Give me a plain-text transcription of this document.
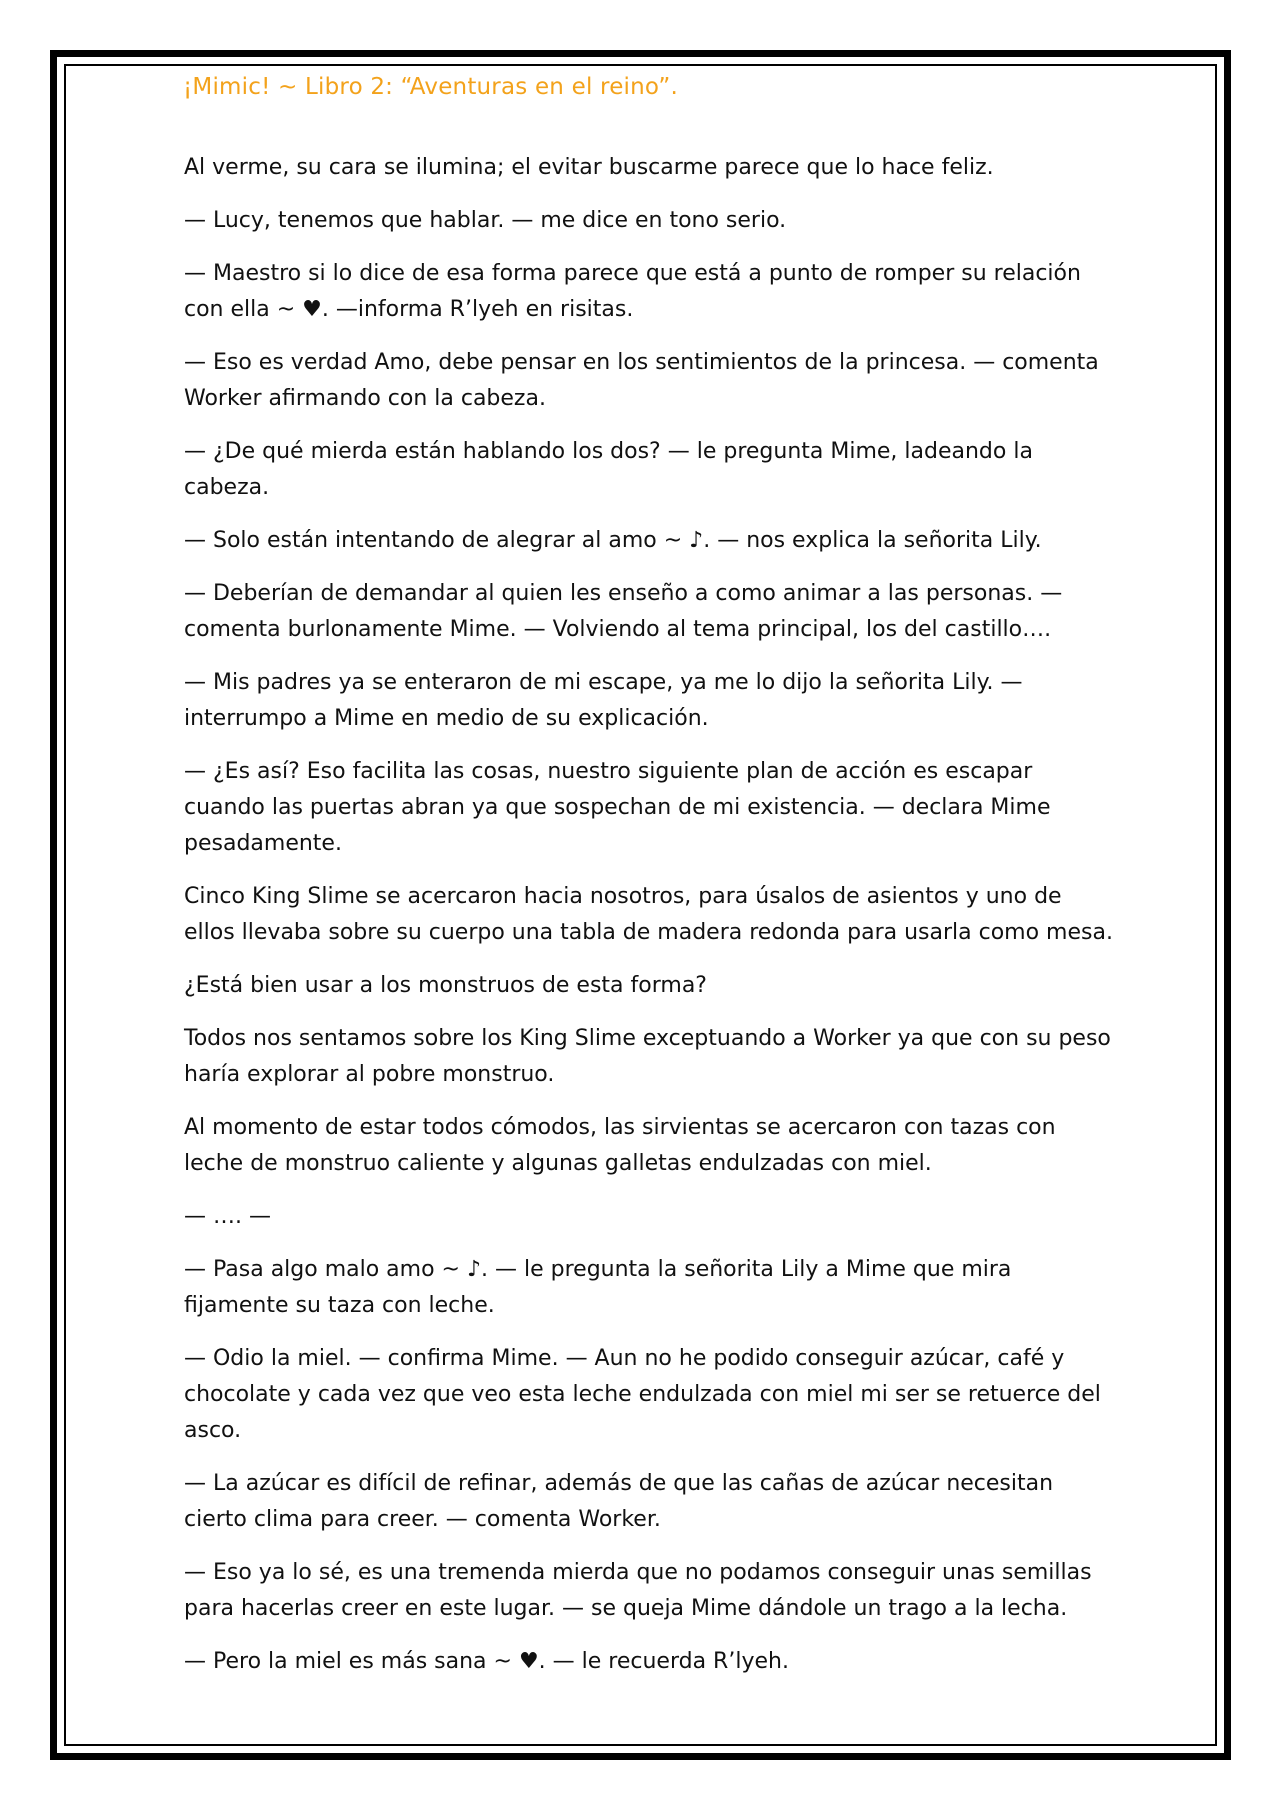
¡Mimic! ~ Libro 2: “Aventuras en el reino”.

Al verme, su cara se ilumina; el evitar buscarme parece que lo hace feliz.

— Lucy, tenemos que hablar. — me dice en tono serio.

— Maestro si lo dice de esa forma parece que está a punto de romper su relación con ella ~ ♥. —informa R’lyeh en risitas.

— Eso es verdad Amo, debe pensar en los sentimientos de la princesa. — comenta Worker afirmando con la cabeza.

— ¿De qué mierda están hablando los dos? — le pregunta Mime, ladeando la cabeza.

— Solo están intentando de alegrar al amo ~ ♪. — nos explica la señorita Lily.

— Deberían de demandar al quien les enseño a como animar a las personas. — comenta burlonamente Mime. — Volviendo al tema principal, los del castillo….

— Mis padres ya se enteraron de mi escape, ya me lo dijo la señorita Lily. — interrumpo a Mime en medio de su explicación.

— ¿Es así? Eso facilita las cosas, nuestro siguiente plan de acción es escapar cuando las puertas abran ya que sospechan de mi existencia. — declara Mime pesadamente.

Cinco King Slime se acercaron hacia nosotros, para úsalos de asientos y uno de ellos llevaba sobre su cuerpo una tabla de madera redonda para usarla como mesa.

¿Está bien usar a los monstruos de esta forma?

Todos nos sentamos sobre los King Slime exceptuando a Worker ya que con su peso haría explorar al pobre monstruo.

Al momento de estar todos cómodos, las sirvientas se acercaron con tazas con leche de monstruo caliente y algunas galletas endulzadas con miel.

— …. —

— Pasa algo malo amo ~ ♪. — le pregunta la señorita Lily a Mime que mira fijamente su taza con leche.

— Odio la miel. — confirma Mime. — Aun no he podido conseguir azúcar, café y chocolate y cada vez que veo esta leche endulzada con miel mi ser se retuerce del asco.

— La azúcar es difícil de refinar, además de que las cañas de azúcar necesitan cierto clima para creer. — comenta Worker.

— Eso ya lo sé, es una tremenda mierda que no podamos conseguir unas semillas para hacerlas creer en este lugar. — se queja Mime dándole un trago a la lecha.

— Pero la miel es más sana ~ ♥. — le recuerda R’lyeh.
